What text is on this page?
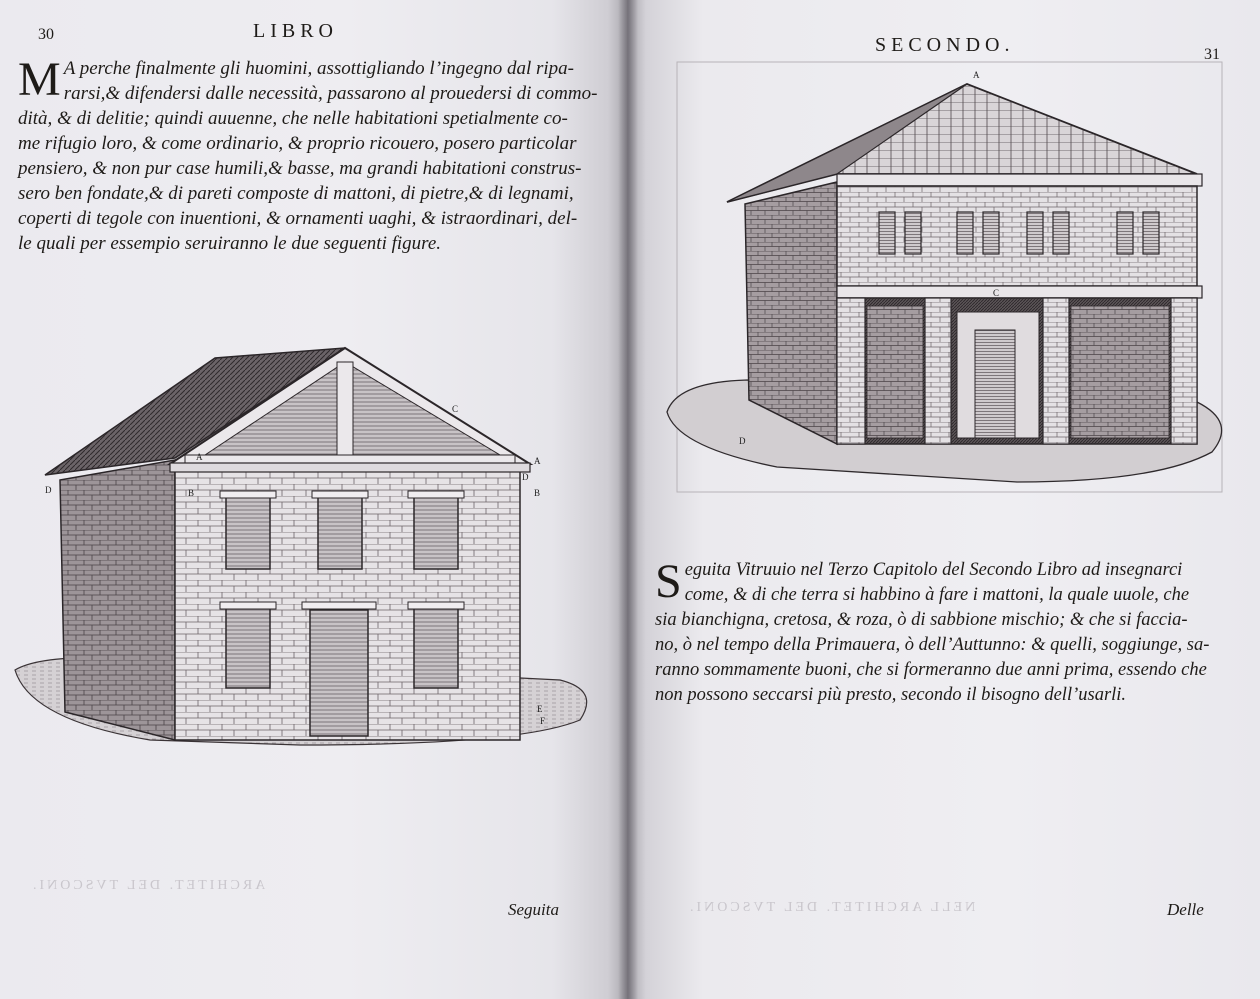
30	LIBRO
M A perche finalmente gli huomini, assottigliando l’ingegno dal ripa-
rarsi,& difendersi dalle necessità, passarono al prouedersi di commo-
dità, & di delitie; quindi auuenne, che nelle habitationi spetialmente co-
me rifugio loro, & come ordinario, & proprio ricouero, posero particolar
pensiero, & non pur case humili,& basse, ma grandi habitationi construs-
sero ben fondate,& di pareti composte di mattoni, di pietre,& di legnami,
coperti di tegole con inuentioni, & ornamenti uaghi, & istraordinari, del-
le quali per essempio seruiranno le due seguenti figure.
A	A
C
B	B
D
D
E
F
ARCHITET. DEL TVSCONI.
Seguita
SECONDO.	31
A
C
D
S eguita Vitruuio nel Terzo Capitolo del Secondo Libro ad insegnarci
come, & di che terra si habbino à fare i mattoni, la quale uuole, che
sia bianchigna, cretosa, & roza, ò di sabbione mischio; & che si faccia-
no, ò nel tempo della Primauera, ò dell’Auttunno: & quelli, soggiunge, sa-
ranno sommamente buoni, che si formeranno due anni prima, essendo che
non possono seccarsi più presto, secondo il bisogno dell’usarli.
NELL ARCHITET. DEL TVSCONI.	Delle
